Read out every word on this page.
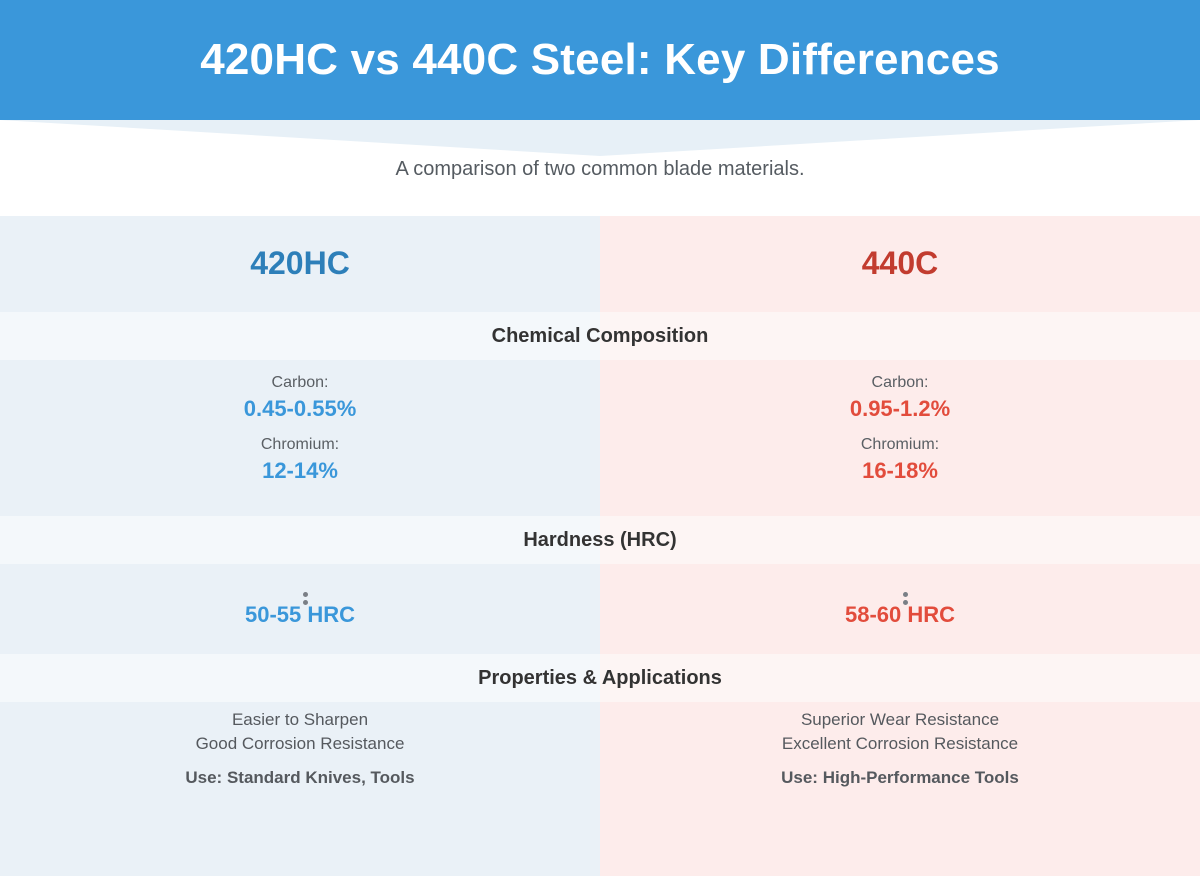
420HC vs 440C Steel: Key Differences
A comparison of two common blade materials.
420HC	440C
Chemical Composition
Carbon:
0.45-0.55%
Chromium:
12-14%
Carbon:
0.95-1.2%
Chromium:
16-18%
Hardness (HRC)
50-55 HRC	58-60 HRC
Properties & Applications
Easier to Sharpen
Good Corrosion Resistance
Use: Standard Knives, Tools
Superior Wear Resistance
Excellent Corrosion Resistance
Use: High-Performance Tools
